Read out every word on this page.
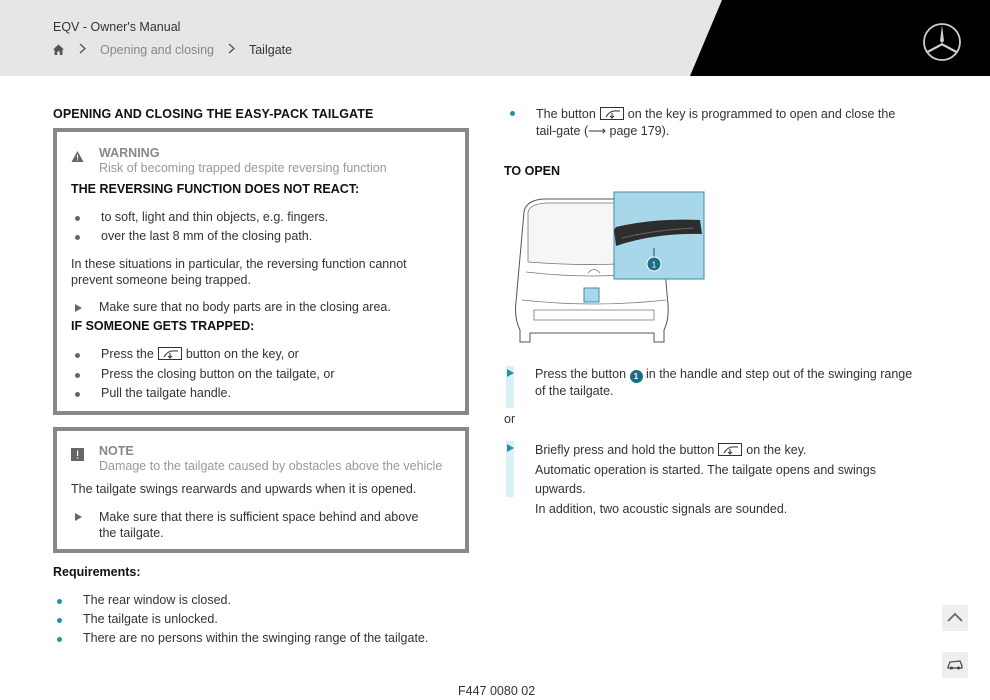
EQV - Owner's Manual
Opening and closing	Tailgate
OPENING AND CLOSING THE EASY-PACK TAILGATE
WARNING
Risk of becoming trapped despite reversing function
THE REVERSING FUNCTION DOES NOT REACT:
to soft, light and thin objects, e.g. fingers.
over the last 8 mm of the closing path.
In these situations in particular, the reversing function cannot prevent someone being trapped.
Make sure that no body parts are in the closing area.
IF SOMEONE GETS TRAPPED:
Press the	button on the key, or
Press the closing button on the tailgate, or
Pull the tailgate handle.
NOTE
Damage to the tailgate caused by obstacles above the vehicle
The tailgate swings rearwards and upwards when it is opened.
Make sure that there is sufficient space behind and above the tailgate.
Requirements:
The rear window is closed.
The tailgate is unlocked.
There are no persons within the swinging range of the tailgate.
The button	on the key is programmed to open and close the tail-gate (⟶ page 179).
TO OPEN
1
Press the button 1 in the handle and step out of the swinging range of the tailgate.
or
Briefly press and hold the button	on the key.
Automatic operation is started. The tailgate opens and swings upwards.
In addition, two acoustic signals are sounded.
F447 0080 02
